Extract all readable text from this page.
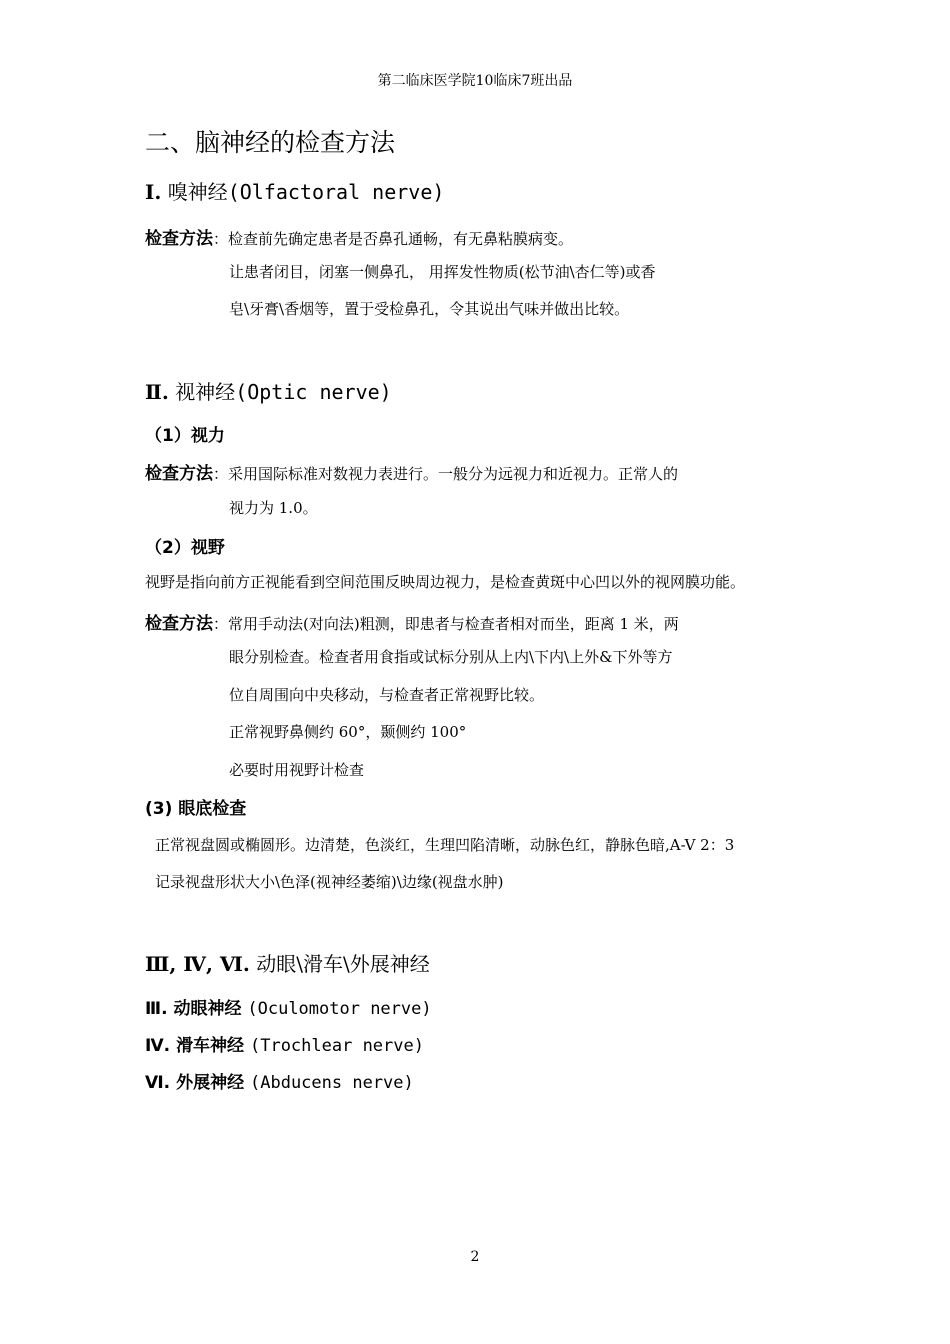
第二临床医学院10临床7班出品
二、脑神经的检查方法
Ⅰ. 嗅神经(Olfactoral nerve)
检查方法：检查前先确定患者是否鼻孔通畅，有无鼻粘膜病变。
让患者闭目，闭塞一侧鼻孔， 用挥发性物质(松节油\杏仁等)或香
皂\牙膏\香烟等，置于受检鼻孔，令其说出气味并做出比较。
Ⅱ. 视神经(Optic nerve)
（1）视力
检查方法：采用国际标准对数视力表进行。一般分为远视力和近视力。正常人的
视力为 1.0。
（2）视野
视野是指向前方正视能看到空间范围反映周边视力，是检查黄斑中心凹以外的视网膜功能。
检查方法：常用手动法(对向法)粗测，即患者与检查者相对而坐，距离 1 米，两
眼分别检查。检查者用食指或试标分别从上内\下内\上外&下外等方
位自周围向中央移动，与检查者正常视野比较。
正常视野鼻侧约 60°，颞侧约 100°
必要时用视野计检查
(3) 眼底检查
正常视盘圆或椭圆形。边清楚，色淡红，生理凹陷清晰，动脉色红，静脉色暗,A-V 2：3
记录视盘形状大小\色泽(视神经萎缩)\边缘(视盘水肿)
Ⅲ, Ⅳ, Ⅵ. 动眼\滑车\外展神经
Ⅲ. 动眼神经 (Oculomotor nerve)
Ⅳ. 滑车神经 (Trochlear nerve)
Ⅵ. 外展神经 (Abducens nerve)
2
